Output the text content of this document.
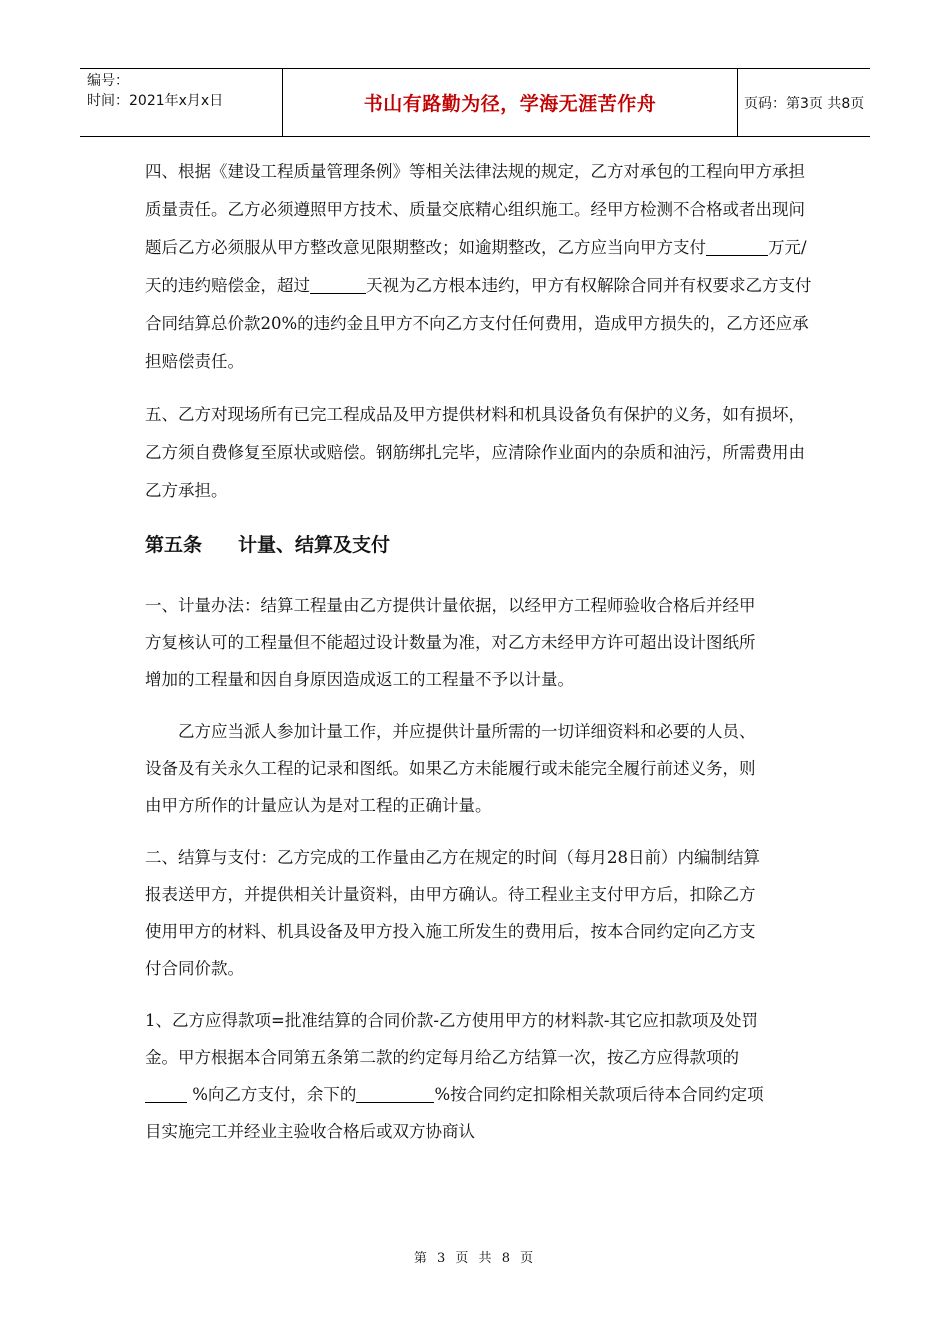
编号：
时间：2021年x月x日	书山有路勤为径，学海无涯苦作舟	页码：第3页 共8页

四、根据《建设工程质量管理条例》等相关法律法规的规定，乙方对承包的工程向甲方承担质量责任。乙方必须遵照甲方技术、质量交底精心组织施工。经甲方检测不合格或者出现问题后乙方必须服从甲方整改意见限期整改；如逾期整改，乙方应当向甲方支付	万元/天的违约赔偿金，超过	天视为乙方根本违约，甲方有权解除合同并有权要求乙方支付合同结算总价款20%的违约金且甲方不向乙方支付任何费用，造成甲方损失的，乙方还应承担赔偿责任。

五、乙方对现场所有已完工程成品及甲方提供材料和机具设备负有保护的义务，如有损坏，乙方须自费修复至原状或赔偿。钢筋绑扎完毕，应清除作业面内的杂质和油污，所需费用由乙方承担。

第五条 计量、结算及支付

一、计量办法：结算工程量由乙方提供计量依据，以经甲方工程师验收合格后并经甲方复核认可的工程量但不能超过设计数量为准，对乙方未经甲方许可超出设计图纸所增加的工程量和因自身原因造成返工的工程量不予以计量。

乙方应当派人参加计量工作，并应提供计量所需的一切详细资料和必要的人员、设备及有关永久工程的记录和图纸。如果乙方未能履行或未能完全履行前述义务，则由甲方所作的计量应认为是对工程的正确计量。

二、结算与支付：乙方完成的工作量由乙方在规定的时间（每月28日前）内编制结算报表送甲方，并提供相关计量资料，由甲方确认。待工程业主支付甲方后，扣除乙方使用甲方的材料、机具设备及甲方投入施工所发生的费用后，按本合同约定向乙方支付合同价款。

1、乙方应得款项=批准结算的合同价款-乙方使用甲方的材料款-其它应扣款项及处罚金。甲方根据本合同第五条第二款的约定每月给乙方结算一次，按乙方应得款项的 %向乙方支付，余下的	%按合同约定扣除相关款项后待本合同约定项目实施完工并经业主验收合格后或双方协商认

第 3 页 共 8 页
